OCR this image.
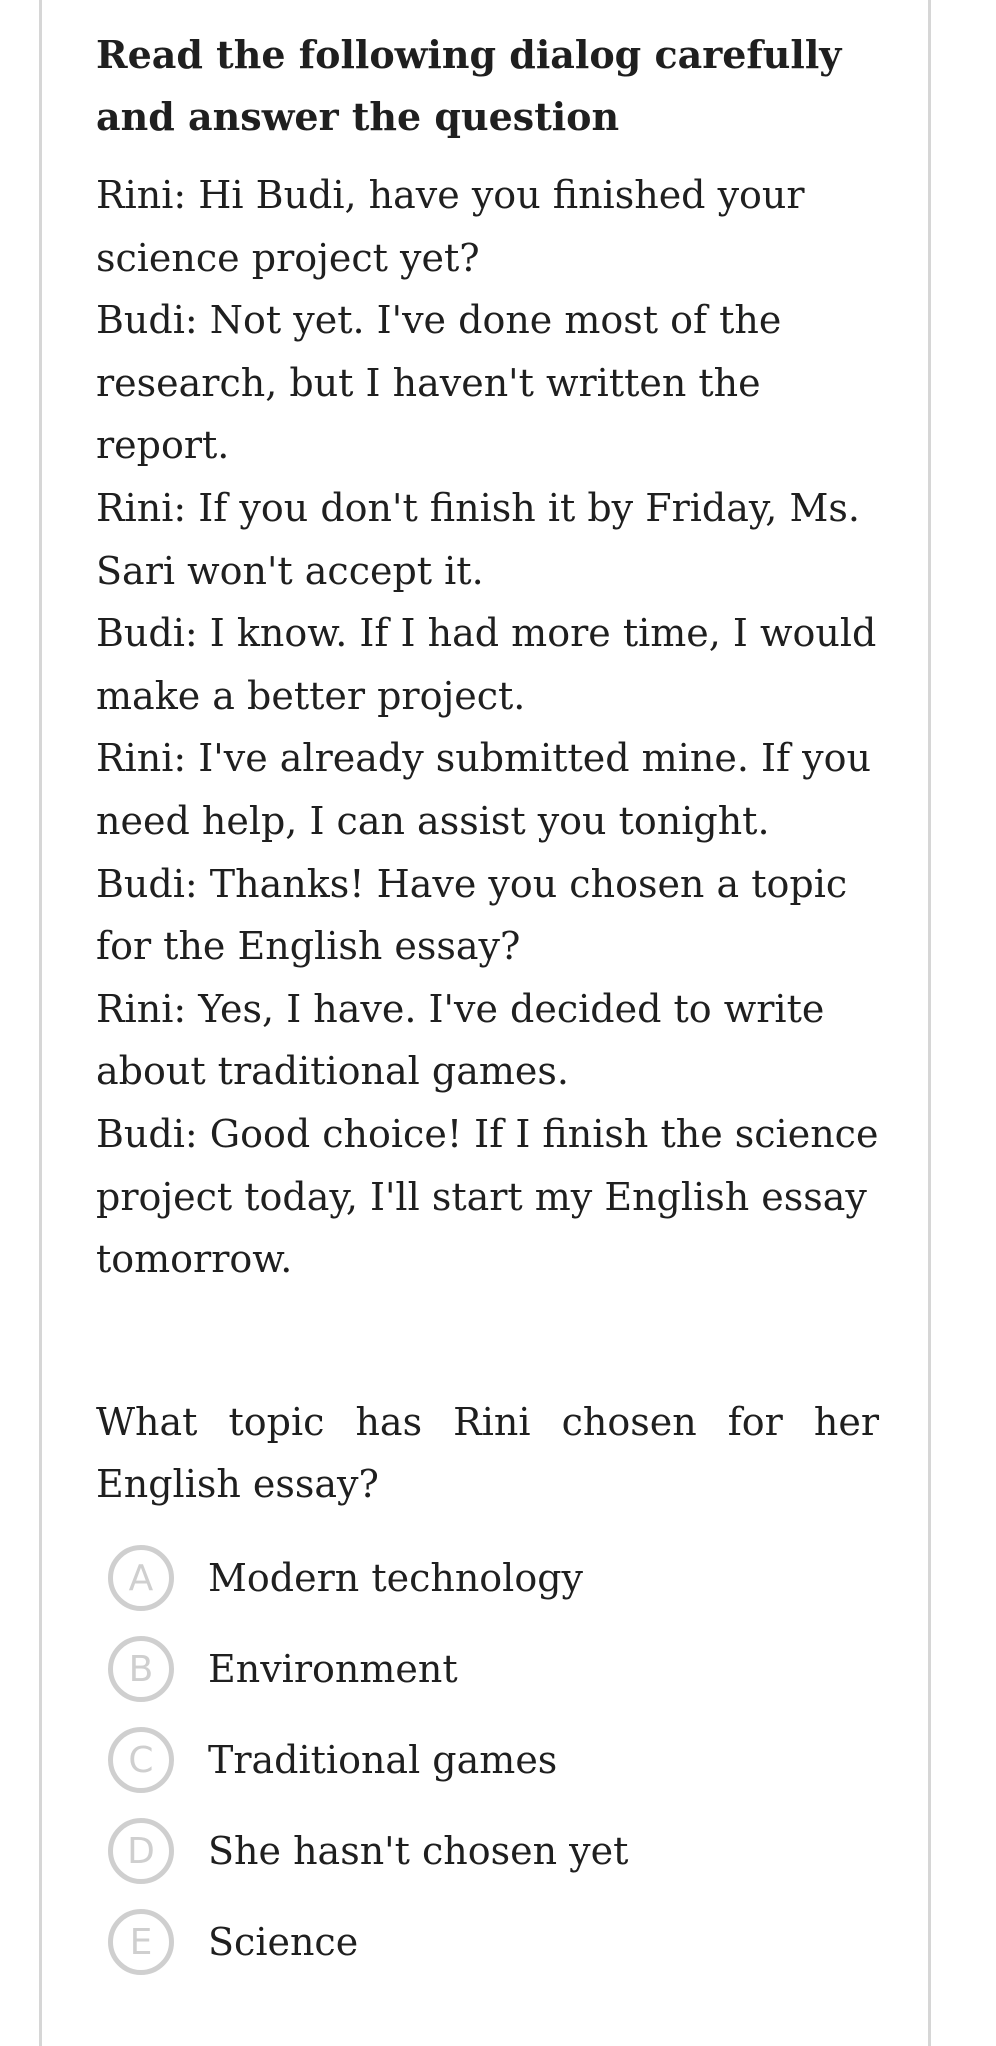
Read the following dialog carefully and answer the question

Rini: Hi Budi, have you finished your science project yet?

Budi: Not yet. I've done most of the research, but I haven't written the report.

Rini: If you don't finish it by Friday, Ms. Sari won't accept it.

Budi: I know. If I had more time, I would make a better project.

Rini: I've already submitted mine. If you need help, I can assist you tonight.

Budi: Thanks! Have you chosen a topic for the English essay?

Rini: Yes, I have. I've decided to write about traditional games.

Budi: Good choice! If I finish the science project today, I'll start my English essay tomorrow.

What topic has Rini chosen for her English essay?

A	Modern technology
B	Environment
C	Traditional games
D	She hasn't chosen yet
E	Science
